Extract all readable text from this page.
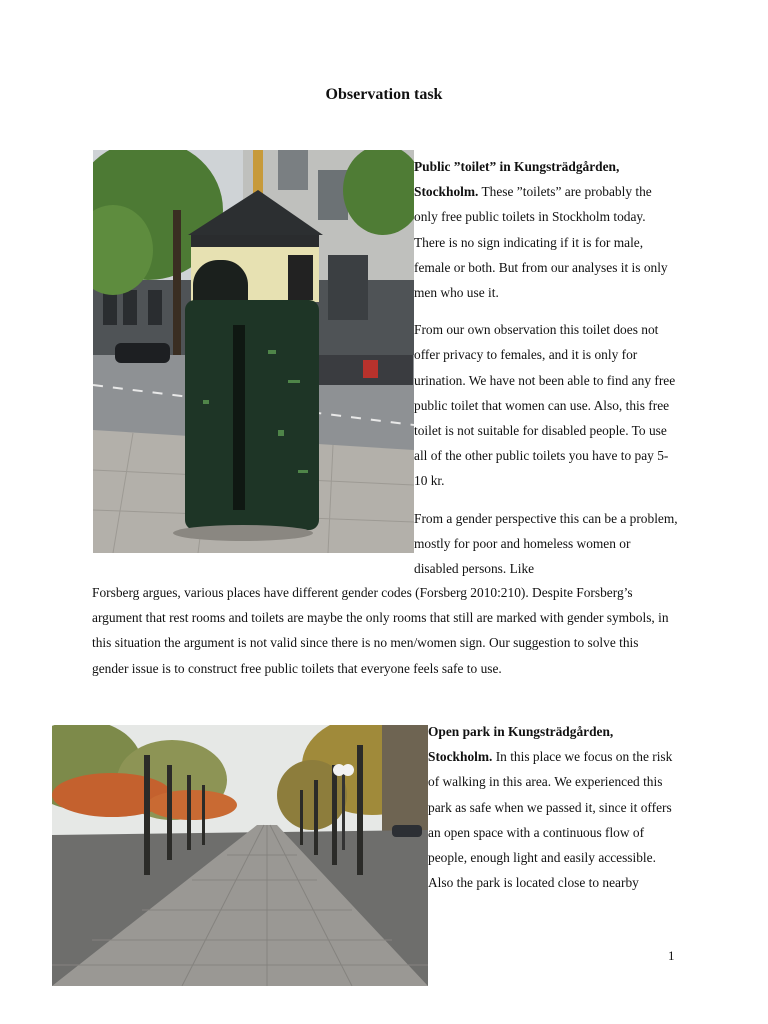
Observation task

Public ”toilet” in Kungsträdgården, Stockholm. These ”toilets” are probably the only free public toilets in Stockholm today. There is no sign indicating if it is for male, female or both. But from our analyses it is only men who use it.

From our own observation this toilet does not offer privacy to females, and it is only for urination. We have not been able to find any free public toilet that women can use. Also, this free toilet is not suitable for disabled people. To use all of the other public toilets you have to pay 5-10 kr.

From a gender perspective this can be a problem, mostly for poor and homeless women or disabled persons. Like

Forsberg argues, various places have different gender codes (Forsberg 2010:210). Despite Forsberg’s argument that rest rooms and toilets are maybe the only rooms that still are marked with gender symbols, in this situation the argument is not valid since there is no men/women sign. Our suggestion to solve this gender issue is to construct free public toilets that everyone feels safe to use.

Open park in Kungsträdgården, Stockholm. In this place we focus on the risk of walking in this area. We experienced this park as safe when we passed it, since it offers an open space with a continuous flow of people, enough light and easily accessible. Also the park is located close to nearby

1
